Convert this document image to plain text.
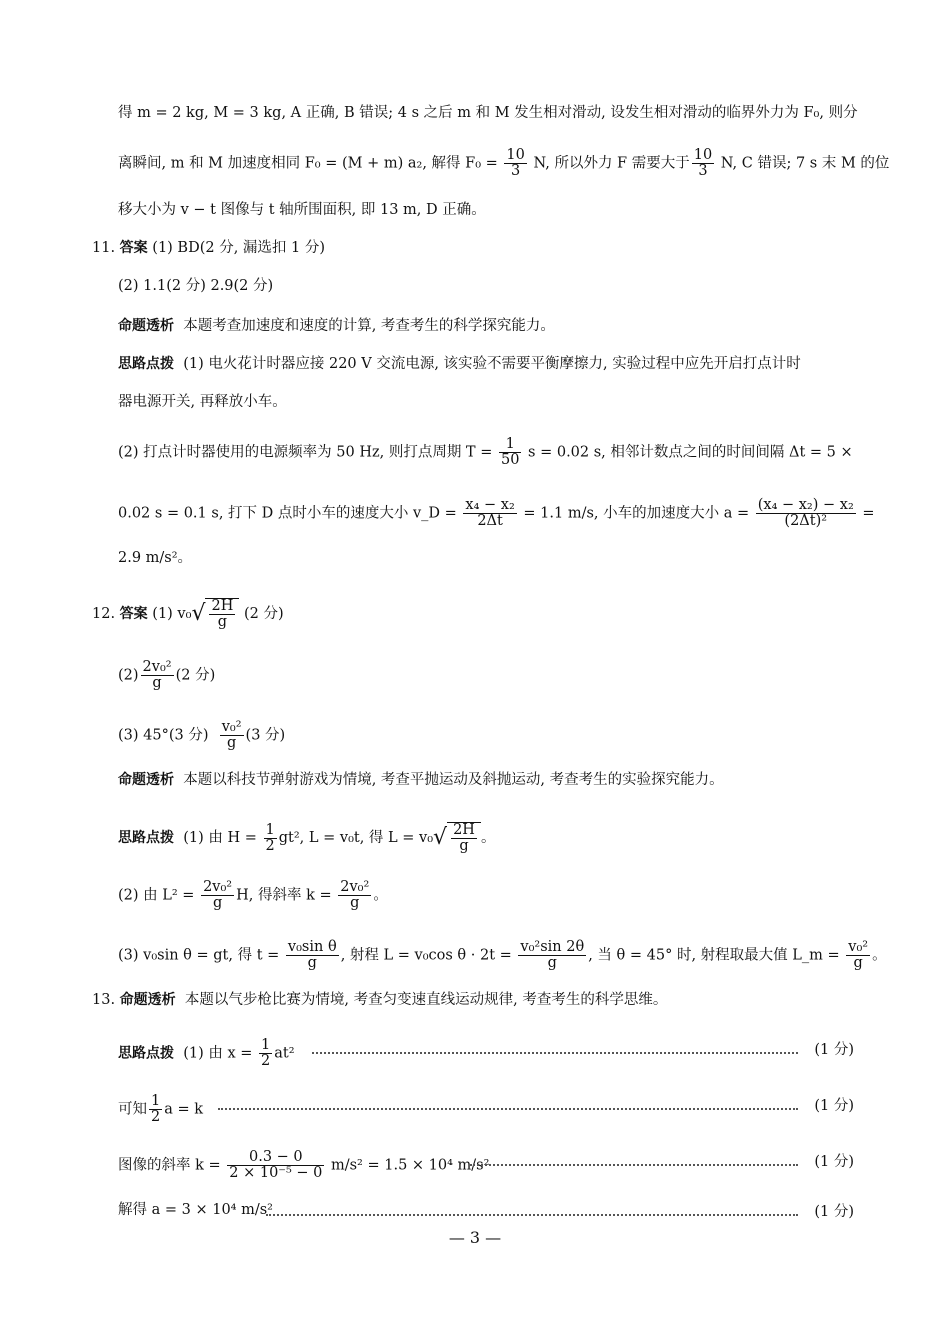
得 m = 2 kg, M = 3 kg, A 正确, B 错误; 4 s 之后 m 和 M 发生相对滑动, 设发生相对滑动的临界外力为 F₀, 则分
离瞬间, m 和 M 加速度相同 F₀ = (M + m) a₂, 解得 $F_0 = \frac{10}{3} N$, 所以外力 F 需要大于 $\frac{10}{3} N$, C 错误; 7 s 末 M 的位
移大小为 v − t 图像与 t 轴所围面积, 即 13 m, D 正确。
11. 答案 (1) BD(2 分, 漏选扣 1 分)
(2) 1.1(2 分) 2.9(2 分)
命题透析 本题考查加速度和速度的计算, 考查考生的科学探究能力。
思路点拨 (1) 电火花计时器应接 220 V 交流电源, 该实验不需要平衡摩擦力, 实验过程中应先开启打点计时
器电源开关, 再释放小车。
(2) 打点计时器使用的电源频率为 50 Hz, 则打点周期 $T = \frac{1}{50}$ s = 0.02 s, 相邻计数点之间的时间间隔 Δt = 5 ×
0.02 s = 0.1 s, 打下 D 点时小车的速度大小 v_D = $\frac{\text{x₄ − x₂}}{2\Delta t} = 1.1$ m/s, 小车的加速度大小 $a = \frac{\text{(x₄ − x₂) − x₂}}{\text{(2Δt)²}}$ =
2.9 m/s²。
12. 答案 (1) $v_0√ \frac{2H}{g} (2$ 分)
$(2) \frac{\text{2v₀²}}{g} (2$ 分)
(3) 45°(3 分) $\frac{\text{v₀²}}{g} (3$ 分)
命题透析 本题以科技节弹射游戏为情境, 考查平抛运动及斜抛运动, 考查考生的实验探究能力。
思路点拨 (1) 由 $H = \frac{1}{2} gt^2$, L = v₀t, 得 $L = v_0√ \frac{2H}{g}$ 。
(2) 由 $L^2 = \frac{\text{2v₀²}}{g} H$, 得斜率 $k = \frac{\text{2v₀²}}{g}$ 。
(3) v₀sin θ = gt, 得 $t = \frac{\text{v₀sin θ}}{g}$ , 射程 L = v₀cos $\theta \cdot 2t = \frac{\text{v₀²sin 2θ}}{g}$ , 当 θ = 45° 时, 射程取最大值 L_m = $\frac{\text{v₀²}}{g}$ 。
13. 命题透析 本题以气步枪比赛为情境, 考查匀变速直线运动规律, 考查考生的科学思维。
思路点拨 (1) 由 $x = \frac{1}{2} at^2$	(1 分)
可知 $\frac{1}{2}$ a = k	(1 分)
图像的斜率 $k = \frac{0.3 - 0}{\text{2 × 10⁻⁵ − 0}} m/s^2 = 1.5 \times 10^4$ m/s²	(1 分)
解得 a = 3 × 10⁴ m/s²	(1 分)
— 3 —
